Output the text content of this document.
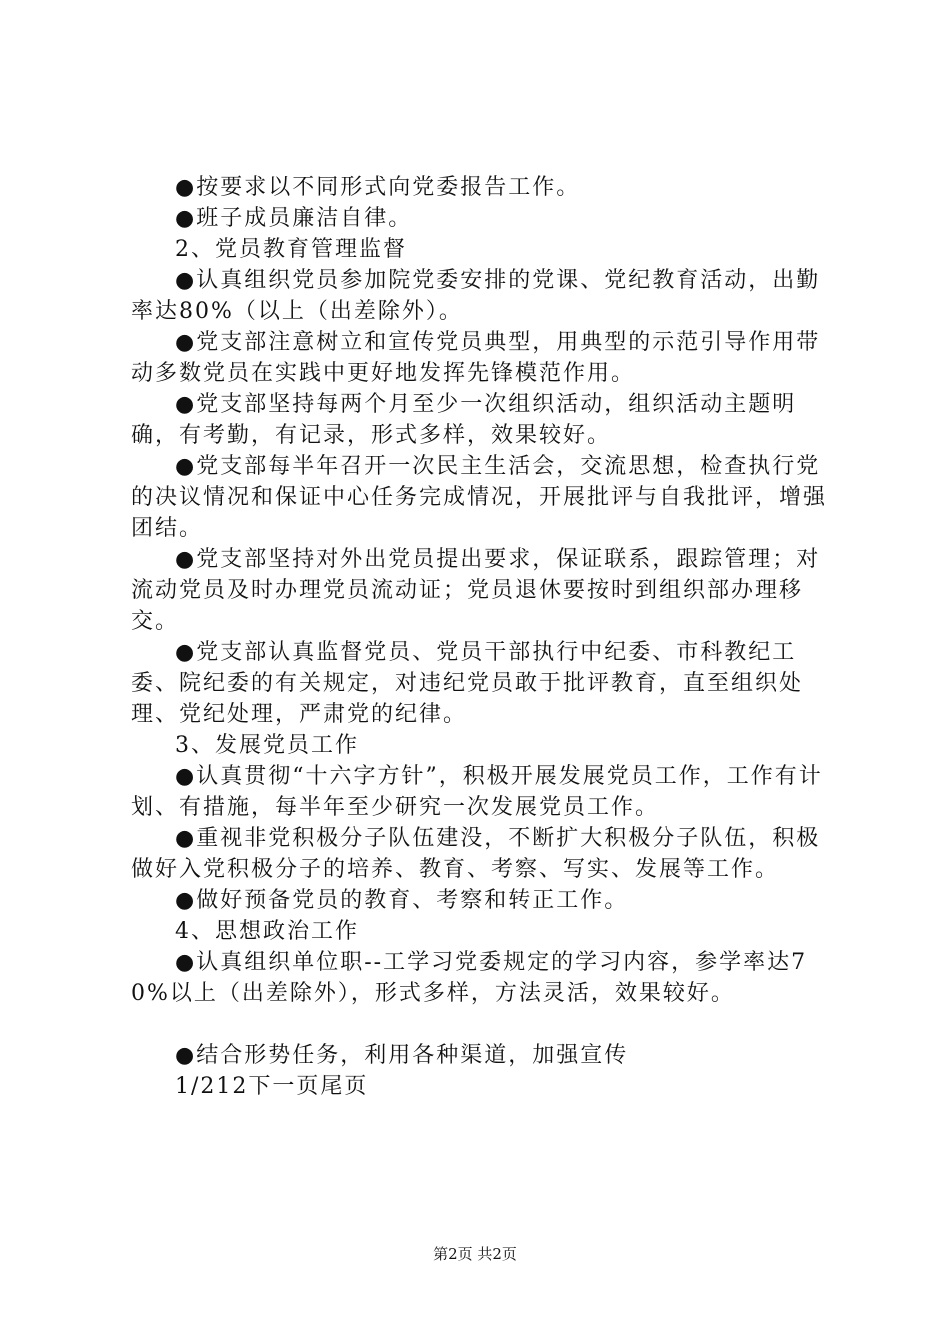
●按要求以不同形式向党委报告工作。

●班子成员廉洁自律。

2、党员教育管理监督

●认真组织党员参加院党委安排的党课、党纪教育活动，出勤率达80%（以上（出差除外）。

●党支部注意树立和宣传党员典型，用典型的示范引导作用带动多数党员在实践中更好地发挥先锋模范作用。

●党支部坚持每两个月至少一次组织活动，组织活动主题明确，有考勤，有记录，形式多样，效果较好。

●党支部每半年召开一次民主生活会，交流思想，检查执行党的决议情况和保证中心任务完成情况，开展批评与自我批评，增强团结。

●党支部坚持对外出党员提出要求，保证联系，跟踪管理；对流动党员及时办理党员流动证；党员退休要按时到组织部办理移交。

●党支部认真监督党员、党员干部执行中纪委、市科教纪工委、院纪委的有关规定，对违纪党员敢于批评教育，直至组织处理、党纪处理，严肃党的纪律。

3、发展党员工作

●认真贯彻“十六字方针”，积极开展发展党员工作，工作有计划、有措施，每半年至少研究一次发展党员工作。

●重视非党积极分子队伍建没，不断扩大积极分子队伍，积极做好入党积极分子的培养、教育、考察、写实、发展等工作。

●做好预备党员的教育、考察和转正工作。

4、思想政治工作

●认真组织单位职--工学习党委规定的学习内容，参学率达70%以上（出差除外），形式多样，方法灵活，效果较好。

●结合形势任务，利用各种渠道，加强宣传

1/212下一页尾页

第2页 共2页
